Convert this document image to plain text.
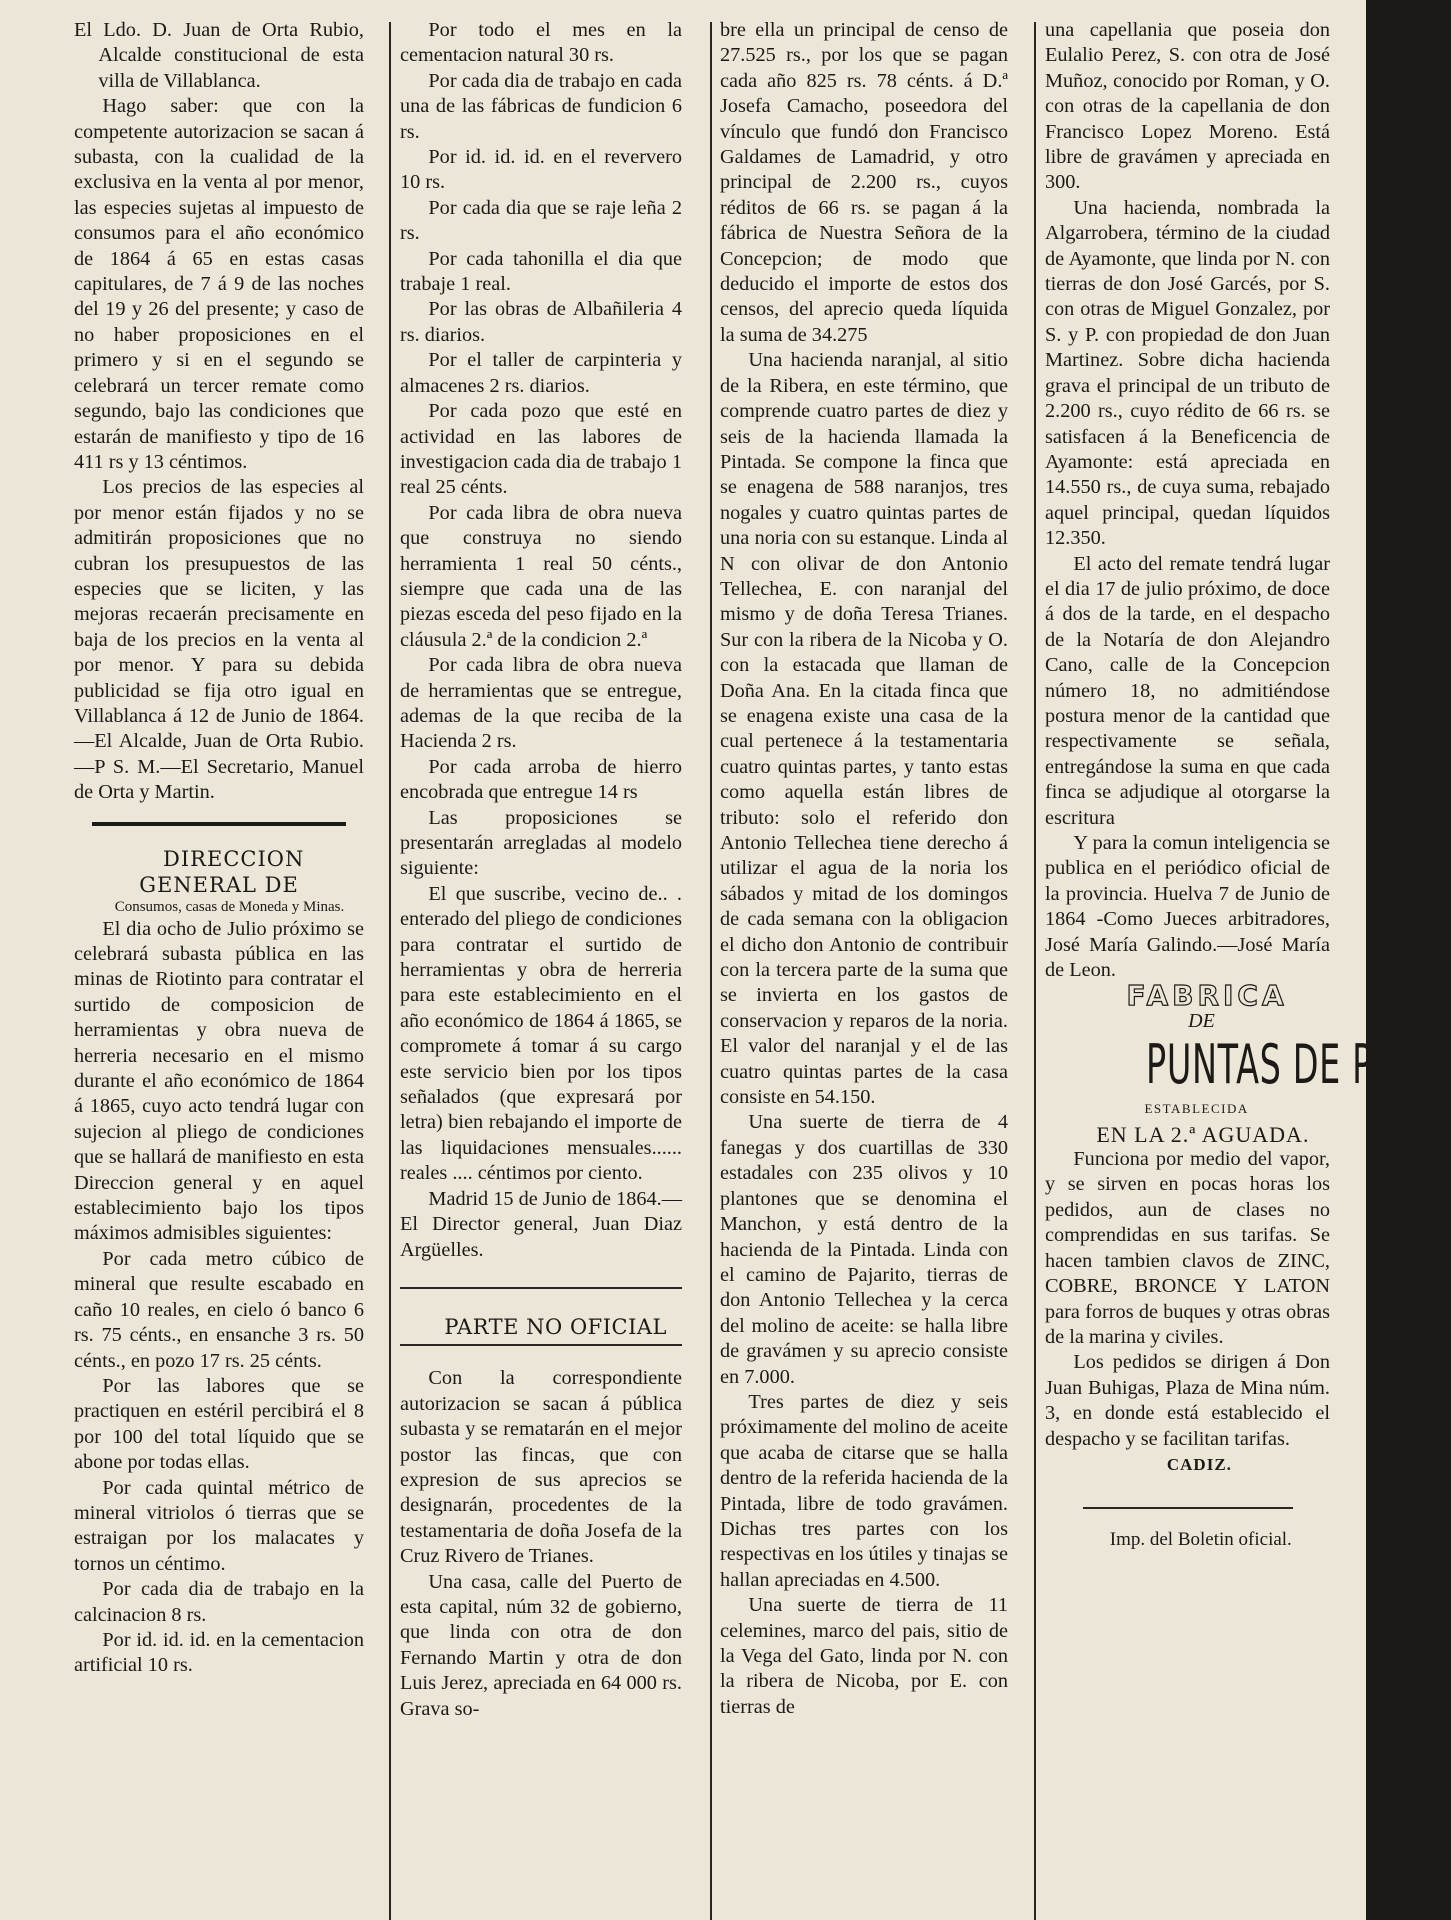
El Ldo. D. Juan de Orta Rubio, Alcalde constitucional de esta villa de Villablanca.

Hago saber: que con la competente autorizacion se sacan á subasta, con la cualidad de la exclusiva en la venta al por menor, las especies sujetas al impuesto de consumos para el año económico de 1864 á 65 en estas casas capitulares, de 7 á 9 de las noches del 19 y 26 del presente; y caso de no haber proposiciones en el primero y si en el segundo se celebrará un tercer remate como segundo, bajo las condiciones que estarán de manifiesto y tipo de 16 411 rs y 13 céntimos.

Los precios de las especies al por menor están fijados y no se admitirán proposiciones que no cubran los presupuestos de las especies que se liciten, y las mejoras recaerán precisamente en baja de los precios en la venta al por menor. Y para su debida publicidad se fija otro igual en Villablanca á 12 de Junio de 1864.—El Alcalde, Juan de Orta Rubio.—P S. M.—El Secretario, Manuel de Orta y Martin.

DIRECCION GENERAL DE

Consumos, casas de Moneda y Minas.

El dia ocho de Julio próximo se celebrará subasta pública en las minas de Riotinto para contratar el surtido de composicion de herramientas y obra nueva de herreria necesario en el mismo durante el año económico de 1864 á 1865, cuyo acto tendrá lugar con sujecion al pliego de condiciones que se hallará de manifiesto en esta Direccion general y en aquel establecimiento bajo los tipos máximos admisibles siguientes:

Por cada metro cúbico de mineral que resulte escabado en caño 10 reales, en cielo ó banco 6 rs. 75 cénts., en ensanche 3 rs. 50 cénts., en pozo 17 rs. 25 cénts.

Por las labores que se practiquen en estéril percibirá el 8 por 100 del total líquido que se abone por todas ellas.

Por cada quintal métrico de mineral vitriolos ó tierras que se estraigan por los malacates y tornos un céntimo.

Por cada dia de trabajo en la calcinacion 8 rs.

Por id. id. id. en la cementacion artificial 10 rs.

Por todo el mes en la cementacion natural 30 rs.

Por cada dia de trabajo en cada una de las fábricas de fundicion 6 rs.

Por id. id. id. en el reververo 10 rs.

Por cada dia que se raje leña 2 rs.

Por cada tahonilla el dia que trabaje 1 real.

Por las obras de Albañileria 4 rs. diarios.

Por el taller de carpinteria y almacenes 2 rs. diarios.

Por cada pozo que esté en actividad en las labores de investigacion cada dia de trabajo 1 real 25 cénts.

Por cada libra de obra nueva que construya no siendo herramienta 1 real 50 cénts., siempre que cada una de las piezas esceda del peso fijado en la cláusula 2.ª de la condicion 2.ª

Por cada libra de obra nueva de herramientas que se entregue, ademas de la que reciba de la Hacienda 2 rs.

Por cada arroba de hierro encobrada que entregue 14 rs

Las proposiciones se presentarán arregladas al modelo siguiente:

El que suscribe, vecino de.. . enterado del pliego de condiciones para contratar el surtido de herramientas y obra de herreria para este establecimiento en el año económico de 1864 á 1865, se compromete á tomar á su cargo este servicio bien por los tipos señalados (que expresará por letra) bien rebajando el importe de las liquidaciones mensuales...... reales .... céntimos por ciento.

Madrid 15 de Junio de 1864.—El Director general, Juan Diaz Argüelles.

PARTE NO OFICIAL

Con la correspondiente autorizacion se sacan á pública subasta y se rematarán en el mejor postor las fincas, que con expresion de sus aprecios se designarán, procedentes de la testamentaria de doña Josefa de la Cruz Rivero de Trianes.

Una casa, calle del Puerto de esta capital, núm 32 de gobierno, que linda con otra de don Fernando Martin y otra de don Luis Jerez, apreciada en 64 000 rs. Grava so-

bre ella un principal de censo de 27.525 rs., por los que se pagan cada año 825 rs. 78 cénts. á D.ª Josefa Camacho, poseedora del vínculo que fundó don Francisco Galdames de Lamadrid, y otro principal de 2.200 rs., cuyos réditos de 66 rs. se pagan á la fábrica de Nuestra Señora de la Concepcion; de modo que deducido el importe de estos dos censos, del aprecio queda líquida la suma de 34.275

Una hacienda naranjal, al sitio de la Ribera, en este término, que comprende cuatro partes de diez y seis de la hacienda llamada la Pintada. Se compone la finca que se enagena de 588 naranjos, tres nogales y cuatro quintas partes de una noria con su estanque. Linda al N con olivar de don Antonio Tellechea, E. con naranjal del mismo y de doña Teresa Trianes. Sur con la ribera de la Nicoba y O. con la estacada que llaman de Doña Ana. En la citada finca que se enagena existe una casa de la cual pertenece á la testamentaria cuatro quintas partes, y tanto estas como aquella están libres de tributo: solo el referido don Antonio Tellechea tiene derecho á utilizar el agua de la noria los sábados y mitad de los domingos de cada semana con la obligacion el dicho don Antonio de contribuir con la tercera parte de la suma que se invierta en los gastos de conservacion y reparos de la noria. El valor del naranjal y el de las cuatro quintas partes de la casa consiste en 54.150.

Una suerte de tierra de 4 fanegas y dos cuartillas de 330 estadales con 235 olivos y 10 plantones que se denomina el Manchon, y está dentro de la hacienda de la Pintada. Linda con el camino de Pajarito, tierras de don Antonio Tellechea y la cerca del molino de aceite: se halla libre de gravámen y su aprecio consiste en 7.000.

Tres partes de diez y seis próximamente del molino de aceite que acaba de citarse que se halla dentro de la referida hacienda de la Pintada, libre de todo gravámen. Dichas tres partes con los respectivas en los útiles y tinajas se hallan apreciadas en 4.500.

Una suerte de tierra de 11 celemines, marco del pais, sitio de la Vega del Gato, linda por N. con la ribera de Nicoba, por E. con tierras de

una capellania que poseia don Eulalio Perez, S. con otra de José Muñoz, conocido por Roman, y O. con otras de la capellania de don Francisco Lopez Moreno. Está libre de gravámen y apreciada en 300.

Una hacienda, nombrada la Algarrobera, término de la ciudad de Ayamonte, que linda por N. con tierras de don José Garcés, por S. con otras de Miguel Gonzalez, por S. y P. con propiedad de don Juan Martinez. Sobre dicha hacienda grava el principal de un tributo de 2.200 rs., cuyo rédito de 66 rs. se satisfacen á la Beneficencia de Ayamonte: está apreciada en 14.550 rs., de cuya suma, rebajado aquel principal, quedan líquidos 12.350.

El acto del remate tendrá lugar el dia 17 de julio próximo, de doce á dos de la tarde, en el despacho de la Notaría de don Alejandro Cano, calle de la Concepcion número 18, no admitiéndose postura menor de la cantidad que respectivamente se señala, entregándose la suma en que cada finca se adjudique al otorgarse la escritura

Y para la comun inteligencia se publica en el periódico oficial de la provincia. Huelva 7 de Junio de 1864 -Como Jueces arbitradores, José María Galindo.—José María de Leon.

FABRICA

DE

PUNTAS DE PARIS

ESTABLECIDA

EN LA 2.ª AGUADA.

Funciona por medio del vapor, y se sirven en pocas horas los pedidos, aun de clases no comprendidas en sus tarifas. Se hacen tambien clavos de ZINC, COBRE, BRONCE Y LATON para forros de buques y otras obras de la marina y civiles.

Los pedidos se dirigen á Don Juan Buhigas, Plaza de Mina núm. 3, en donde está establecido el despacho y se facilitan tarifas.

CADIZ.

Imp. del Boletin oficial.
